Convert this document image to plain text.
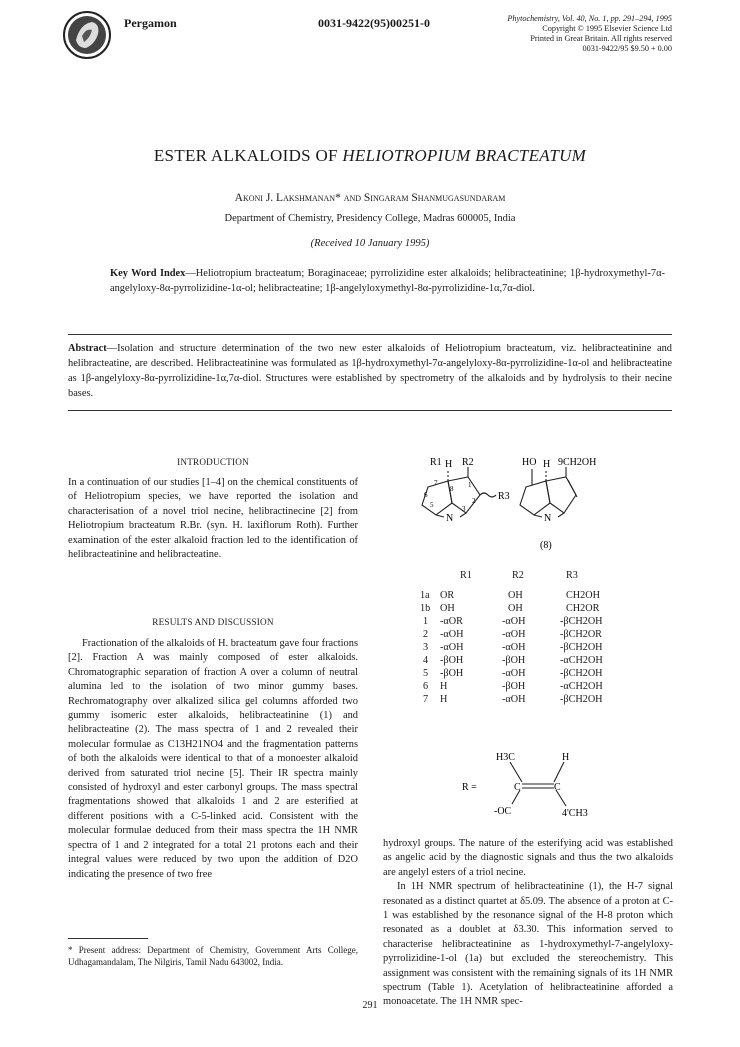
Pergamon	0031-9422(95)00251-0	Phytochemistry, Vol. 40, No. 1, pp. 291–294, 1995
Copyright © 1995 Elsevier Science Ltd
Printed in Great Britain. All rights reserved
0031-9422/95 $9.50 + 0.00
ESTER ALKALOIDS OF HELIOTROPIUM BRACTEATUM
Akoni J. Lakshmanan* and Singaram Shanmugasundaram
Department of Chemistry, Presidency College, Madras 600005, India
(Received 10 January 1995)
Key Word Index—Heliotropium bracteatum; Boraginaceae; pyrrolizidine ester alkaloids; helibracteatinine; 1β-hydroxymethyl-7α-angelyloxy-8α-pyrrolizidine-1α-ol; helibracteatine; 1β-angelyloxymethyl-8α-pyrrolizidine-1α,7α-diol.
Abstract—Isolation and structure determination of the two new ester alkaloids of Heliotropium bracteatum, viz. helibracteatinine and helibracteatine, are described. Helibracteatinine was formulated as 1β-hydroxymethyl-7α-angelyloxy-8α-pyrrolizidine-1α-ol and helibracteatine as 1β-angelyloxy-8α-pyrrolizidine-1α,7α-diol. Structures were established by spectrometry of the alkaloids and by hydrolysis to their necine bases.
INTRODUCTION

In a continuation of our studies [1–4] on the chemical constituents of of Heliotropium species, we have reported the isolation and characterisation of a novel triol necine, helibractinecine [2] from Heliotropium bracteatum R.Br. (syn. H. laxiflorum Roth). Further examination of the ester alkaloid fraction led to the identification of helibracteatinine and helibracteatine.

RESULTS AND DISCUSSION

Fractionation of the alkaloids of H. bracteatum gave four fractions [2]. Fraction A was mainly composed of ester alkaloids. Chromatographic separation of fraction A over a column of neutral alumina led to the isolation of two minor gummy bases. Rechromatography over alkalized silica gel columns afforded two gummy isomeric ester alkaloids, helibracteatinine (1) and helibracteatine (2). The mass spectra of 1 and 2 revealed their molecular formulae as C13H21NO4 and the fragmentation patterns of both the alkaloids were identical to that of a monoester alkaloid derived from saturated triol necine [5]. Their IR spectra mainly consisted of hydroxyl and ester carbonyl groups. The mass spectral fragmentations showed that alkaloids 1 and 2 are esterified at different positions with a C-5-linked acid. Consistent with the molecular formulae deduced from their mass spectra the 1H NMR spectra of 1 and 2 integrated for a total 21 protons each and their integral values were reduced by two upon the addition of D2O indicating the presence of two free

* Present address: Department of Chemistry, Government Arts College, Udhagamandalam, The Nilgiris, Tamil Nadu 643002, India.
R1 H R2
R3
N
5
6
7
8 1
2
3
HO H 9CH2OH
N
(8)
R1	R2	R3
1a OR	OH	CH2OH
1b OH	OH	CH2OR
1 -αOR	-αOH	-βCH2OH
2 -αOH	-αOH	-βCH2OR
3 -αOH	-αOH	-βCH2OH
4 -βOH	-βOH	-αCH2OH
5 -βOH	-αOH	-βCH2OH
6 H	-βOH	-αCH2OH
7 H	-αOH	-βCH2OH
H3C	H
R =	C	C
-OC	4'CH3

hydroxyl groups. The nature of the esterifying acid was established as angelic acid by the diagnostic signals and thus the two alkaloids are angelyl esters of a triol necine.

In 1H NMR spectrum of helibracteatinine (1), the H-7 signal resonated as a distinct quartet at δ5.09. The absence of a proton at C-1 was established by the resonance signal of the H-8 proton which resonated as a doublet at δ3.30. This information served to characterise helibracteatinine as 1-hydroxymethyl-7-angelyloxy-pyrrolizidine-1-ol (1a) but excluded the stereochemistry. This assignment was consistent with the remaining signals of its 1H NMR spectrum (Table 1). Acetylation of helibracteatinine afforded a monoacetate. The 1H NMR spec-

291
